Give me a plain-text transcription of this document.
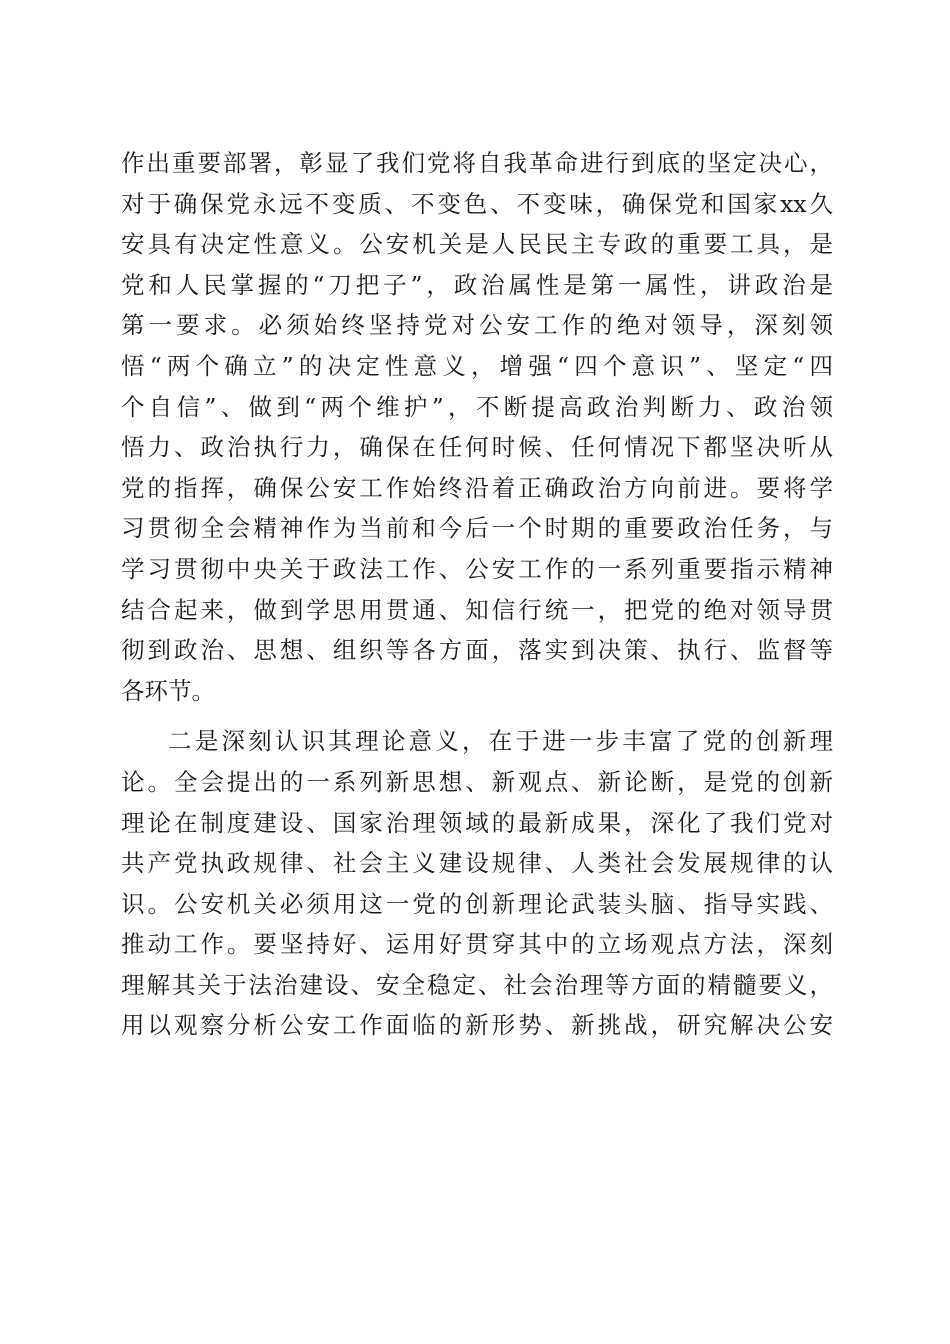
作出重要部署，彰显了我们党将自我革命进行到底的坚定决心，
对于确保党永远不变质、不变色、不变味，确保党和国家xx久
安具有决定性意义。公安机关是人民民主专政的重要工具，是
党和人民掌握的“刀把子”，政治属性是第一属性，讲政治是
第一要求。必须始终坚持党对公安工作的绝对领导，深刻领
悟“两个确立”的决定性意义，增强“四个意识”、坚定“四
个自信”、做到“两个维护”，不断提高政治判断力、政治领
悟力、政治执行力，确保在任何时候、任何情况下都坚决听从
党的指挥，确保公安工作始终沿着正确政治方向前进。要将学
习贯彻全会精神作为当前和今后一个时期的重要政治任务，与
学习贯彻中央关于政法工作、公安工作的一系列重要指示精神
结合起来，做到学思用贯通、知信行统一，把党的绝对领导贯
彻到政治、思想、组织等各方面，落实到决策、执行、监督等
各环节。
二是深刻认识其理论意义，在于进一步丰富了党的创新理
论。全会提出的一系列新思想、新观点、新论断，是党的创新
理论在制度建设、国家治理领域的最新成果，深化了我们党对
共产党执政规律、社会主义建设规律、人类社会发展规律的认
识。公安机关必须用这一党的创新理论武装头脑、指导实践、
推动工作。要坚持好、运用好贯穿其中的立场观点方法，深刻
理解其关于法治建设、安全稳定、社会治理等方面的精髓要义，
用以观察分析公安工作面临的新形势、新挑战，研究解决公安
